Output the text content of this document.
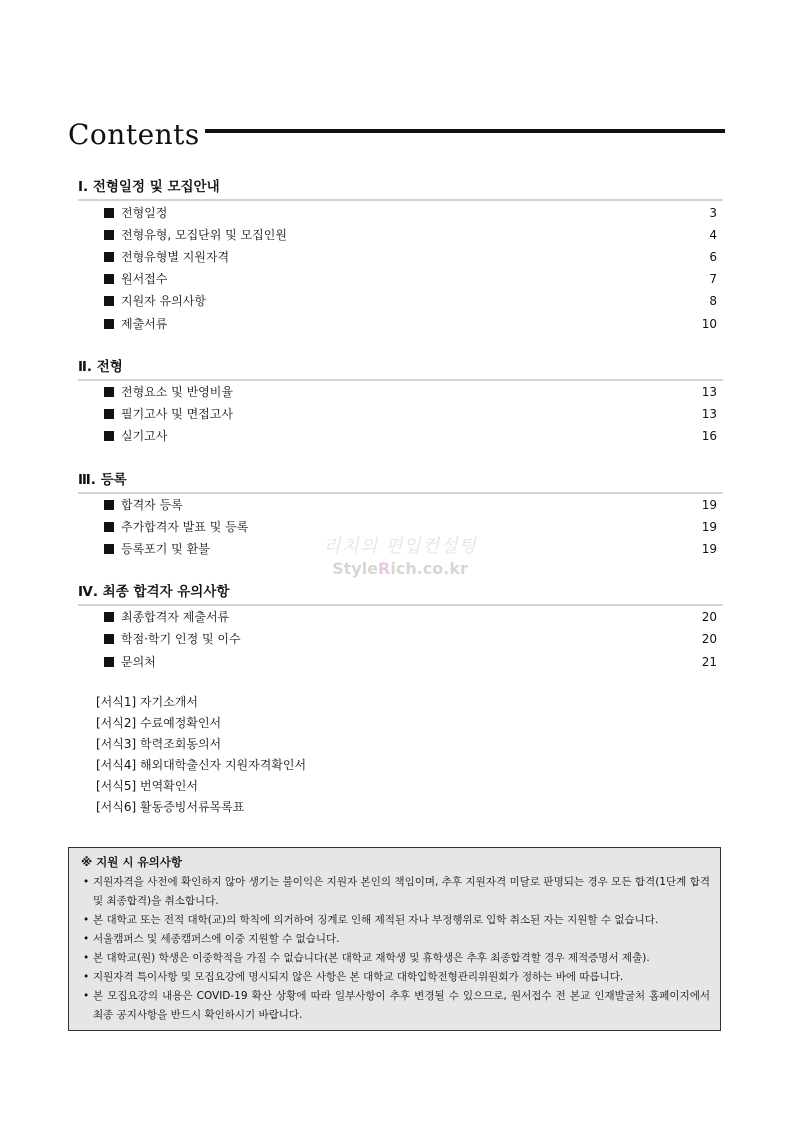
Contents
Ⅰ. 전형일정 및 모집안내
전형일정	3
전형유형, 모집단위 및 모집인원	4
전형유형별 지원자격	6
원서접수	7
지원자 유의사항	8
제출서류	10
Ⅱ. 전형
전형요소 및 반영비율	13
필기고사 및 면접고사	13
실기고사	16
Ⅲ. 등록
합격자 등록	19
추가합격자 발표 및 등록	19
등록포기 및 환불	19
Ⅳ. 최종 합격자 유의사항
최종합격자 제출서류	20
학점·학기 인정 및 이수	20
문의처	21
[서식1] 자기소개서
[서식2] 수료예정확인서
[서식3] 학력조회동의서
[서식4] 해외대학출신자 지원자격확인서
[서식5] 번역확인서
[서식6] 활동증빙서류목록표
리치의 편입컨설팅
StyleRich.co.kr
※ 지원 시 유의사항
• 지원자격을 사전에 확인하지 않아 생기는 불이익은 지원자 본인의 책임이며, 추후 지원자격 미달로 판명되는 경우 모든 합격(1단계 합격 및 최종합격)을 취소합니다.
• 본 대학교 또는 전적 대학(교)의 학칙에 의거하여 징계로 인해 제적된 자나 부정행위로 입학 취소된 자는 지원할 수 없습니다.
• 서울캠퍼스 및 세종캠퍼스에 이중 지원할 수 없습니다.
• 본 대학교(원) 학생은 이중학적을 가질 수 없습니다(본 대학교 재학생 및 휴학생은 추후 최종합격할 경우 제적증명서 제출).
• 지원자격 특이사항 및 모집요강에 명시되지 않은 사항은 본 대학교 대학입학전형관리위원회가 정하는 바에 따릅니다.
• 본 모집요강의 내용은 COVID-19 확산 상황에 따라 일부사항이 추후 변경될 수 있으므로, 원서접수 전 본교 인재발굴처 홈페이지에서 최종 공지사항을 반드시 확인하시기 바랍니다.
